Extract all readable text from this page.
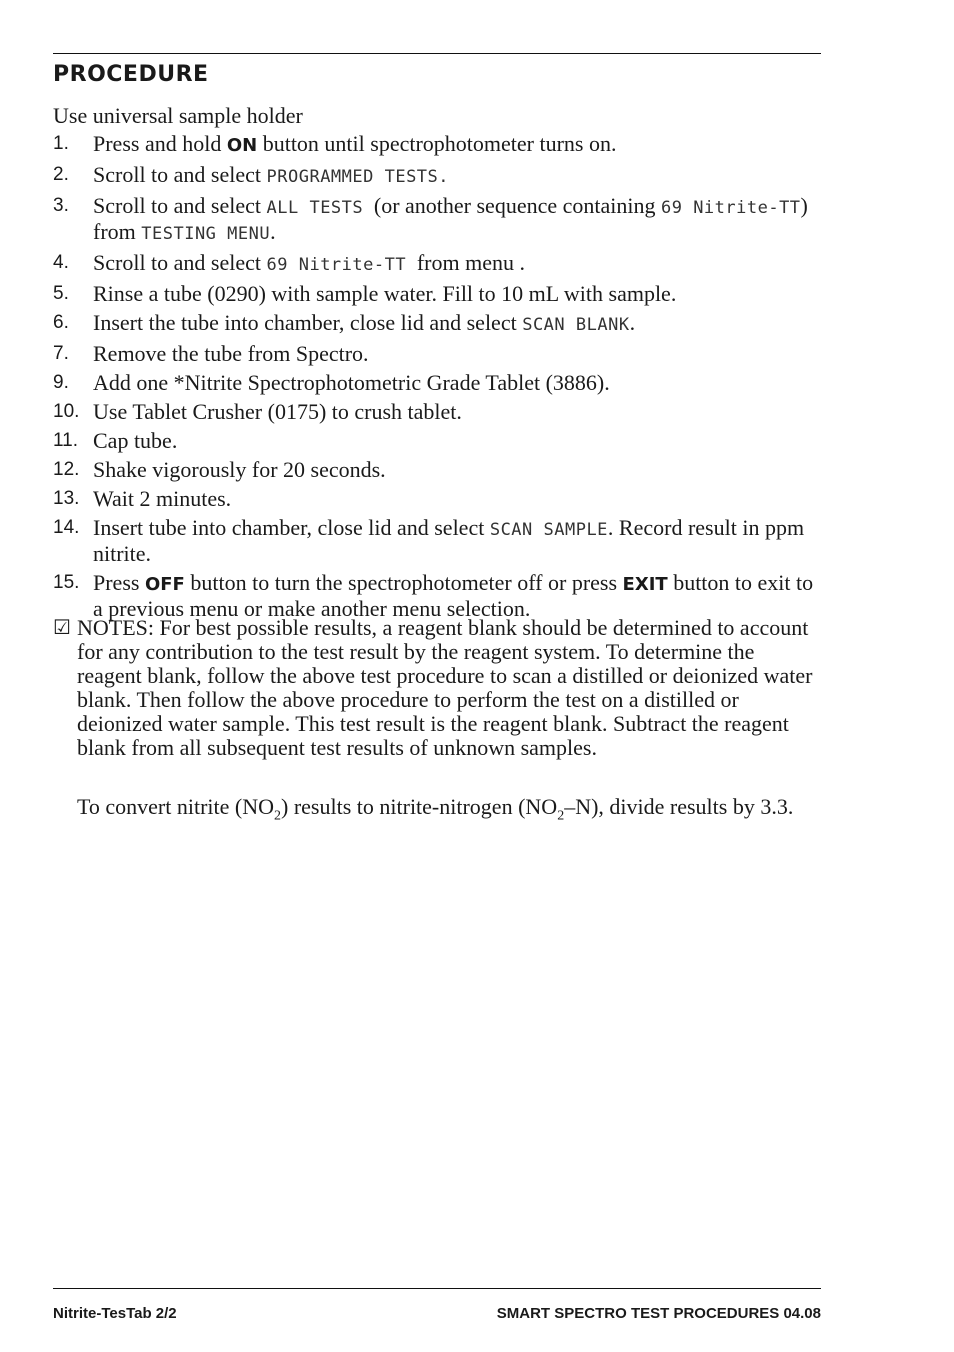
PROCEDURE
Use universal sample holder
1.	Press and hold ON button until spectrophotometer turns on.
2.	Scroll to and select PROGRAMMED TESTS.
3.	Scroll to and select ALL TESTS (or another sequence containing 69 Nitrite-TT) from TESTING MENU.
4.	Scroll to and select 69 Nitrite-TT from menu .
5.	Rinse a tube (0290) with sample water. Fill to 10 mL with sample.
6.	Insert the tube into chamber, close lid and select SCAN BLANK.
7.	Remove the tube from Spectro.
9.	Add one *Nitrite Spectrophotometric Grade Tablet (3886).
10. Use Tablet Crusher (0175) to crush tablet.
11. Cap tube.
12. Shake vigorously for 20 seconds.
13. Wait 2 minutes.
14. Insert tube into chamber, close lid and select SCAN SAMPLE. Record result in ppm nitrite.
15. Press OFF button to turn the spectrophotometer off or press EXIT button to exit to a previous menu or make another menu selection.
☑ NOTES: For best possible results, a reagent blank should be determined to account for any contribution to the test result by the reagent system. To determine the reagent blank, follow the above test procedure to scan a distilled or deionized water blank. Then follow the above procedure to perform the test on a distilled or deionized water sample. This test result is the reagent blank. Subtract the reagent blank from all subsequent test results of unknown samples.
To convert nitrite $(NO_2)$ results to nitrite-nitrogen $(NO_2-N)$, divide results by 3.3.
Nitrite-TesTab 2/2	SMART SPECTRO TEST PROCEDURES 04.08
